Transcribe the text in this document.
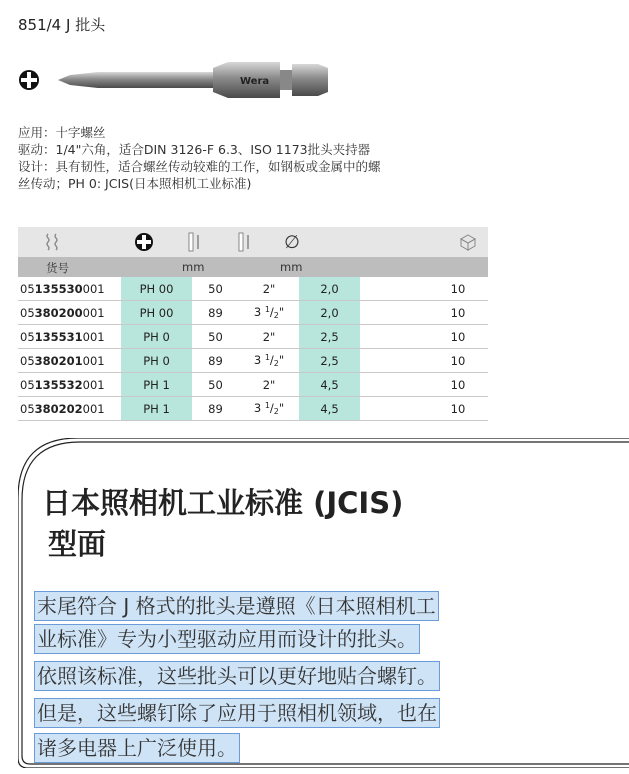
851/4 J 批头
Wera
应用：十字螺丝
驱动：1/4"六角，适合DIN 3126-F 6.3、ISO 1173批头夹持器
设计：具有韧性，适合螺丝传动较难的工作，如钢板或金属中的螺
丝传动；PH 0: JCIS(日本照相机工业标准)
∅
货号	mm	mm
05135530001	PH 00	50	2"	2,0		10
05380200001	PH 00	89	3 $^1/_2$"	2,0		10
05135531001	PH 0	50	2"	2,5		10
05380201001	PH 0	89	3 $^1/_2$"	2,5		10
05135532001	PH 1	50	2"	4,5		10
05380202001	PH 1	89	3 $^1/_2$"	4,5		10
日本照相机工业标准 (JCIS)
型面
末尾符合 J 格式的批头是遵照《日本照相机工
业标准》专为小型驱动应用而设计的批头。
依照该标准，这些批头可以更好地贴合螺钉。
但是，这些螺钉除了应用于照相机领域，也在
诸多电器上广泛使用。
